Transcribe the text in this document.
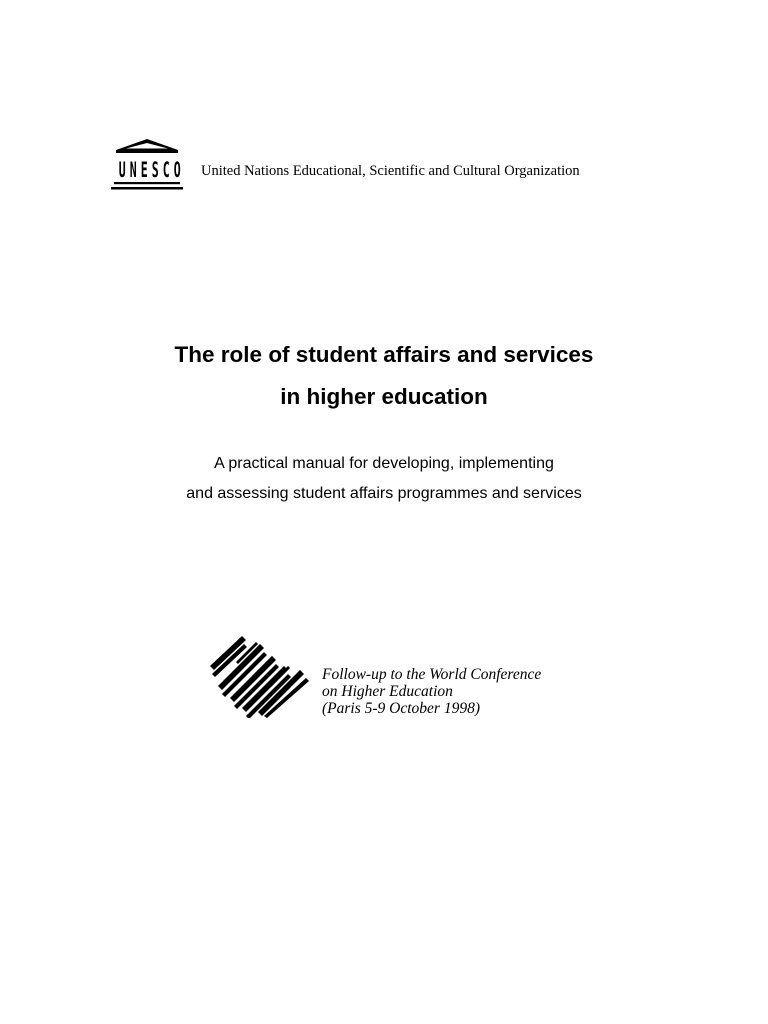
U N E S C O United Nations Educational, Scientific and Cultural Organization
The role of student affairs and services
in higher education
A practical manual for developing, implementing
and assessing student affairs programmes and services
Follow-up to the World Conference
on Higher Education
(Paris 5-9 October 1998)
